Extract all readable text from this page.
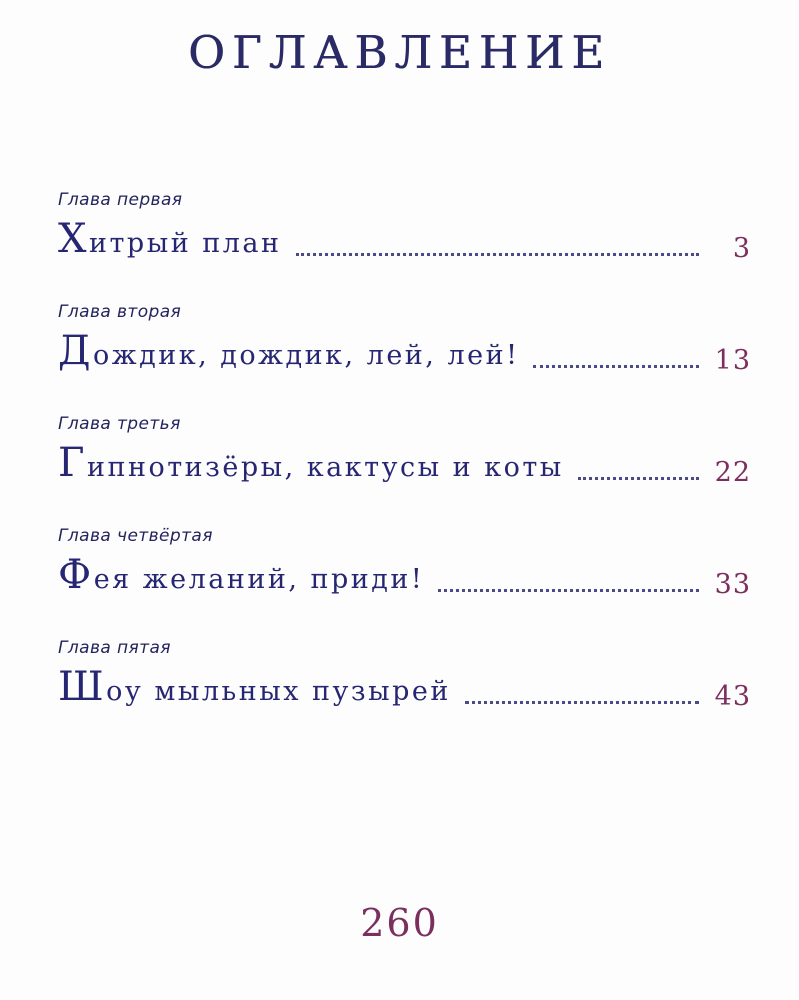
ОГЛАВЛЕНИЕ
Глава первая
Хитрый план	3
Глава вторая
Дождик, дождик, лей, лей!	13
Глава третья
Гипнотизёры, кактусы и коты	22
Глава четвёртая
Фея желаний, приди!	33
Глава пятая
Шоу мыльных пузырей	43
260
